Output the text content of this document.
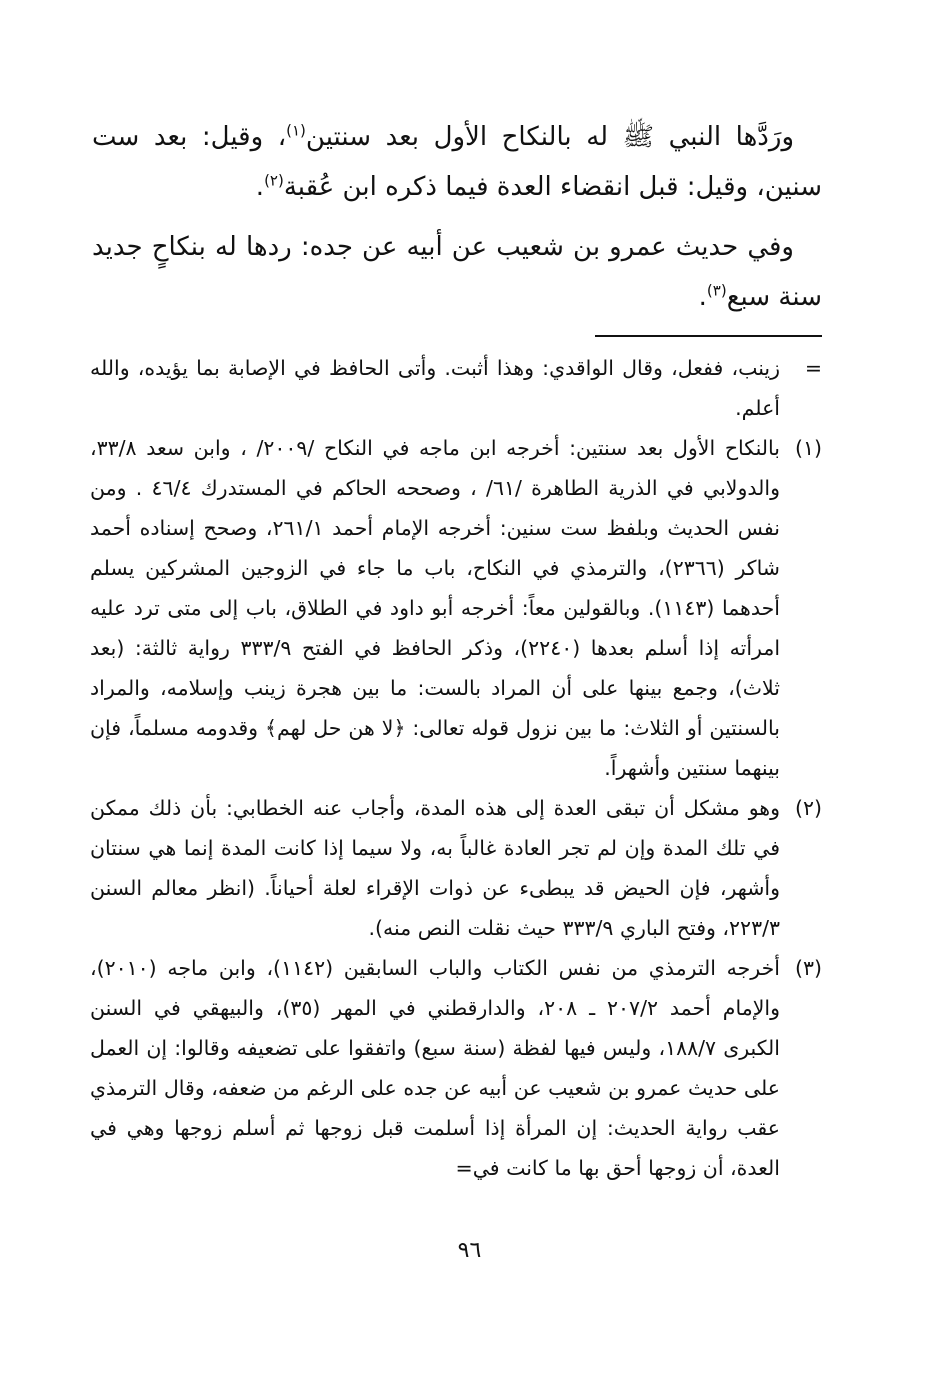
ورَدَّها النبي ﷺ له بالنكاح الأول بعد سنتين$^{(١)}$، وقيل: بعد ست سنين، وقيل: قبل انقضاء العدة فيما ذكره ابن عُقبة$^{(٢)}$.

وفي حديث عمرو بن شعيب عن أبيه عن جده: ردها له بنكاحٍ جديد سنة سبع$^{(٣)}$.

=
زينب، ففعل، وقال الواقدي: وهذا أثبت. وأتى الحافظ في الإصابة بما يؤيده، والله أعلم.
(١)
بالنكاح الأول بعد سنتين: أخرجه ابن ماجه في النكاح /٢٠٠٩/ ، وابن سعد ٣٣/٨، والدولابي في الذرية الطاهرة /٦١/ ، وصححه الحاكم في المستدرك ٤٦/٤ . ومن نفس الحديث وبلفظ ست سنين: أخرجه الإمام أحمد ٢٦١/١، وصحح إسناده أحمد شاكر (٢٣٦٦)، والترمذي في النكاح، باب ما جاء في الزوجين المشركين يسلم أحدهما (١١٤٣). وبالقولين معاً: أخرجه أبو داود في الطلاق، باب إلى متى ترد عليه امرأته إذا أسلم بعدها (٢٢٤٠)، وذكر الحافظ في الفتح ٣٣٣/٩ رواية ثالثة: (بعد ثلاث)، وجمع بينها على أن المراد بالست: ما بين هجرة زينب وإسلامه، والمراد بالسنتين أو الثلاث: ما بين نزول قوله تعالى: ﴿لا هن حل لهم﴾ وقدومه مسلماً، فإن بينهما سنتين وأشهراً.
(٢)
وهو مشكل أن تبقى العدة إلى هذه المدة، وأجاب عنه الخطابي: بأن ذلك ممكن في تلك المدة وإن لم تجر العادة غالباً به، ولا سيما إذا كانت المدة إنما هي سنتان وأشهر، فإن الحيض قد يبطىء عن ذوات الإقراء لعلة أحياناً. (انظر معالم السنن ٢٢٣/٣، وفتح الباري ٣٣٣/٩ حيث نقلت النص منه).
(٣)
أخرجه الترمذي من نفس الكتاب والباب السابقين (١١٤٢)، وابن ماجه (٢٠١٠)، والإمام أحمد ٢٠٧/٢ ـ ٢٠٨، والدارقطني في المهر (٣٥)، والبيهقي في السنن الكبرى ١٨٨/٧، وليس فيها لفظة (سنة سبع) واتفقوا على تضعيفه وقالوا: إن العمل على حديث عمرو بن شعيب عن أبيه عن جده على الرغم من ضعفه، وقال الترمذي عقب رواية الحديث: إن المرأة إذا أسلمت قبل زوجها ثم أسلم زوجها وهي في العدة، أن زوجها أحق بها ما كانت في=
٩٦
